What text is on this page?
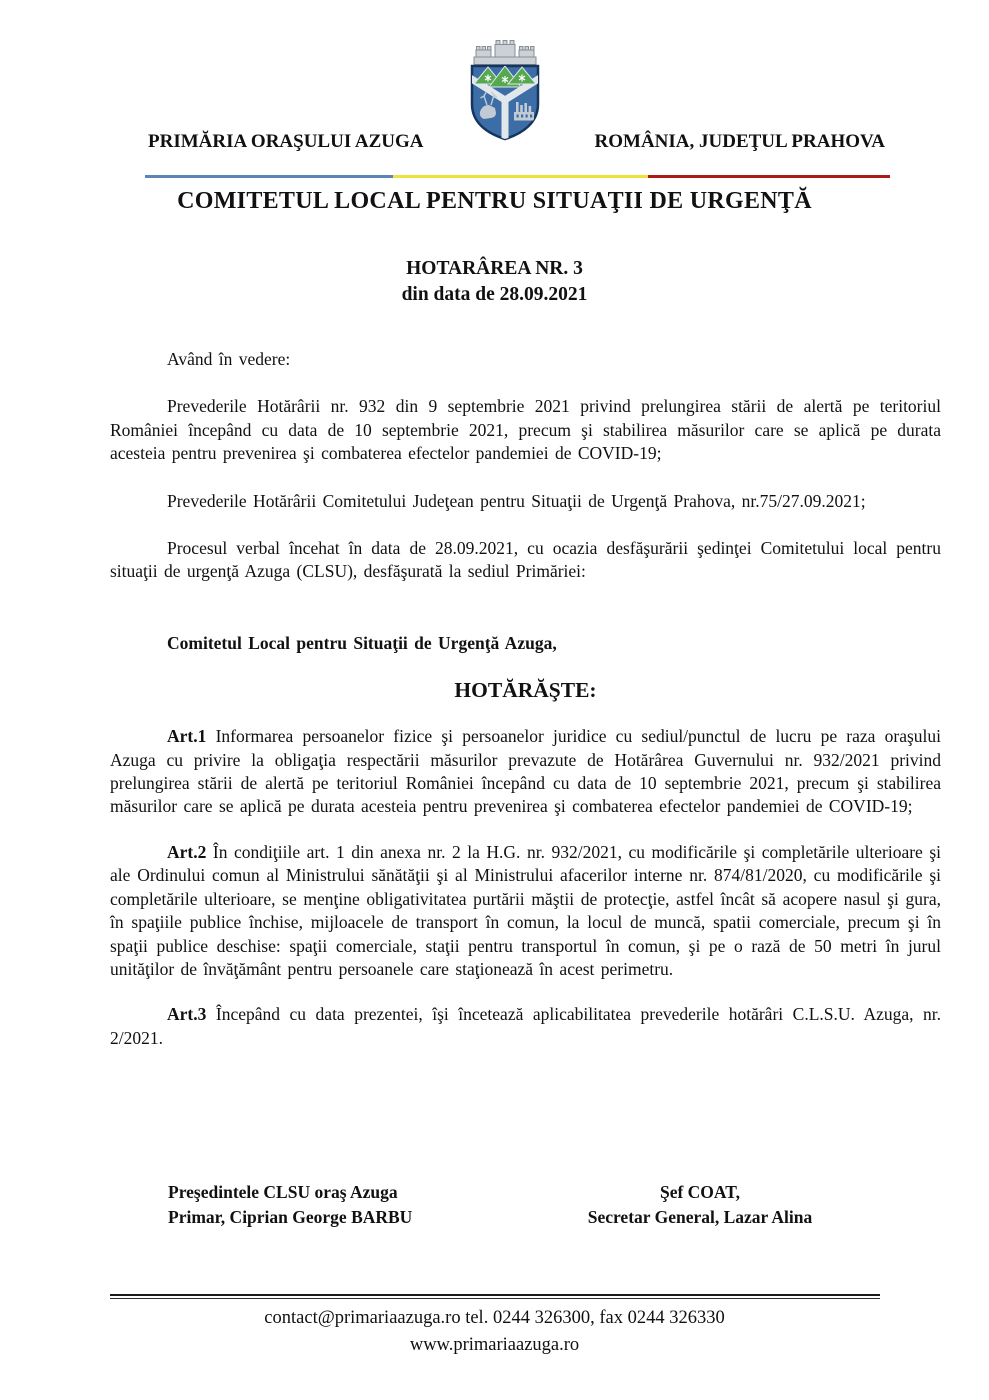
PRIMĂRIA ORAŞULUI AZUGA	ROMÂNIA, JUDEŢUL PRAHOVA
COMITETUL LOCAL PENTRU SITUAŢII DE URGENŢĂ
HOTARÂREA NR. 3
din data de 28.09.2021

Având în vedere:

Prevederile Hotărârii nr. 932 din 9 septembrie 2021 privind prelungirea stării de alertă pe teritoriul României începând cu data de 10 septembrie 2021, precum şi stabilirea măsurilor care se aplică pe durata acesteia pentru prevenirea şi combaterea efectelor pandemiei de COVID-19;

Prevederile Hotărârii Comitetului Judeţean pentru Situaţii de Urgenţă Prahova, nr.75/27.09.2021;

Procesul verbal încehat în data de 28.09.2021, cu ocazia desfăşurării şedinţei Comitetului local pentru situaţii de urgenţă Azuga (CLSU), desfăşurată la sediul Primăriei:

Comitetul Local pentru Situaţii de Urgenţă Azuga,

HOTĂRĂŞTE:

Art.1 Informarea persoanelor fizice şi persoanelor juridice cu sediul/punctul de lucru pe raza oraşului Azuga cu privire la obligaţia respectării măsurilor prevazute de Hotărârea Guvernului nr. 932/2021 privind prelungirea stării de alertă pe teritoriul României începând cu data de 10 septembrie 2021, precum şi stabilirea măsurilor care se aplică pe durata acesteia pentru prevenirea şi combaterea efectelor pandemiei de COVID-19;

Art.2 În condiţiile art. 1 din anexa nr. 2 la H.G. nr. 932/2021, cu modificările şi completările ulterioare şi ale Ordinului comun al Ministrului sănătăţii şi al Ministrului afacerilor interne nr. 874/81/2020, cu modificările şi completările ulterioare, se menţine obligativitatea purtării măştii de protecţie, astfel încât să acopere nasul şi gura, în spaţiile publice închise, mijloacele de transport în comun, la locul de muncă, spatii comerciale, precum şi în spaţii publice deschise: spaţii comerciale, staţii pentru transportul în comun, şi pe o rază de 50 metri în jurul unităţilor de învăţământ pentru persoanele care staţionează în acest perimetru.

Art.3 Începând cu data prezentei, îşi încetează aplicabilitatea prevederile hotărâri C.L.S.U. Azuga, nr. 2/2021.

Preşedintele CLSU oraş Azuga
Primar, Ciprian George BARBU
Şef COAT,
Secretar General, Lazar Alina
contact@primariaazuga.ro tel. 0244 326300, fax 0244 326330
www.primariaazuga.ro
